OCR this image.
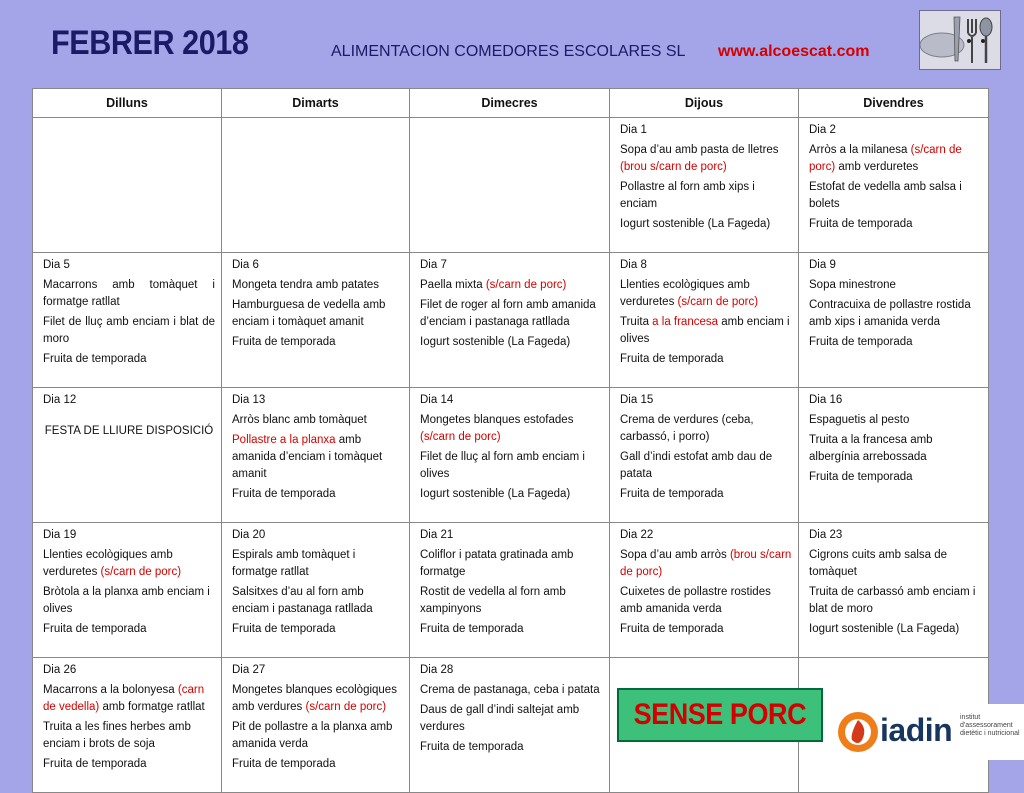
FEBRER 2018	ALIMENTACION COMEDORES ESCOLARES SL www.alcoescat.com
Dilluns	Dimarts	Dimecres	Dijous	Divendres

			Dia 1
Sopa d’au amb pasta de lletres (brou s/carn de porc)
Pollastre al forn amb xips i enciam
Iogurt sostenible (La Fageda)	Dia 2
Arròs a la milanesa (s/carn de porc) amb verduretes
Estofat de vedella amb salsa i bolets
Fruita de temporada

Dia 5
Macarrons amb tomàquet i formatge ratllat
Filet de lluç amb enciam i blat de moro
Fruita de temporada	Dia 6
Mongeta tendra amb patates
Hamburguesa de vedella amb enciam i tomàquet amanit
Fruita de temporada	Dia 7
Paella mixta (s/carn de porc)
Filet de roger al forn amb amanida d’enciam i pastanaga ratllada
Iogurt sostenible (La Fageda)	Dia 8
Llenties ecològiques amb verduretes (s/carn de porc)
Truita a la francesa amb enciam i olives
Fruita de temporada	Dia 9
Sopa minestrone
Contracuixa de pollastre rostida amb xips i amanida verda
Fruita de temporada

Dia 12
FESTA DE LLIURE DISPOSICIÓ	Dia 13
Arròs blanc amb tomàquet
Pollastre a la planxa amb amanida d’enciam i tomàquet amanit
Fruita de temporada	Dia 14
Mongetes blanques estofades (s/carn de porc)
Filet de lluç al forn amb enciam i olives
Iogurt sostenible (La Fageda)	Dia 15
Crema de verdures (ceba, carbassó, i porro)
Gall d’indi estofat amb dau de patata
Fruita de temporada	Dia 16
Espaguetis al pesto
Truita a la francesa amb albergínia arrebossada
Fruita de temporada

Dia 19
Llenties ecològiques amb verduretes (s/carn de porc)
Bròtola a la planxa amb enciam i olives
Fruita de temporada	Dia 20
Espirals amb tomàquet i formatge ratllat
Salsitxes d’au al forn amb enciam i pastanaga ratllada
Fruita de temporada	Dia 21
Coliflor i patata gratinada amb formatge
Rostit de vedella al forn amb xampinyons
Fruita de temporada	Dia 22
Sopa d’au amb arròs (brou s/carn de porc)
Cuixetes de pollastre rostides amb amanida verda
Fruita de temporada	Dia 23
Cigrons cuits amb salsa de tomàquet
Truita de carbassó amb enciam i blat de moro
Iogurt sostenible (La Fageda)

Dia 26
Macarrons a la bolonyesa (carn de vedella) amb formatge ratllat
Truita a les fines herbes amb enciam i brots de soja
Fruita de temporada	Dia 27
Mongetes blanques ecològiques amb verdures (s/carn de porc)
Pit de pollastre a la planxa amb amanida verda
Fruita de temporada	Dia 28
Crema de pastanaga, ceba i patata
Daus de gall d’indi saltejat amb verdures
Fruita de temporada		

SENSE PORC iadin institut d'assessorament dietètic i nutricional
